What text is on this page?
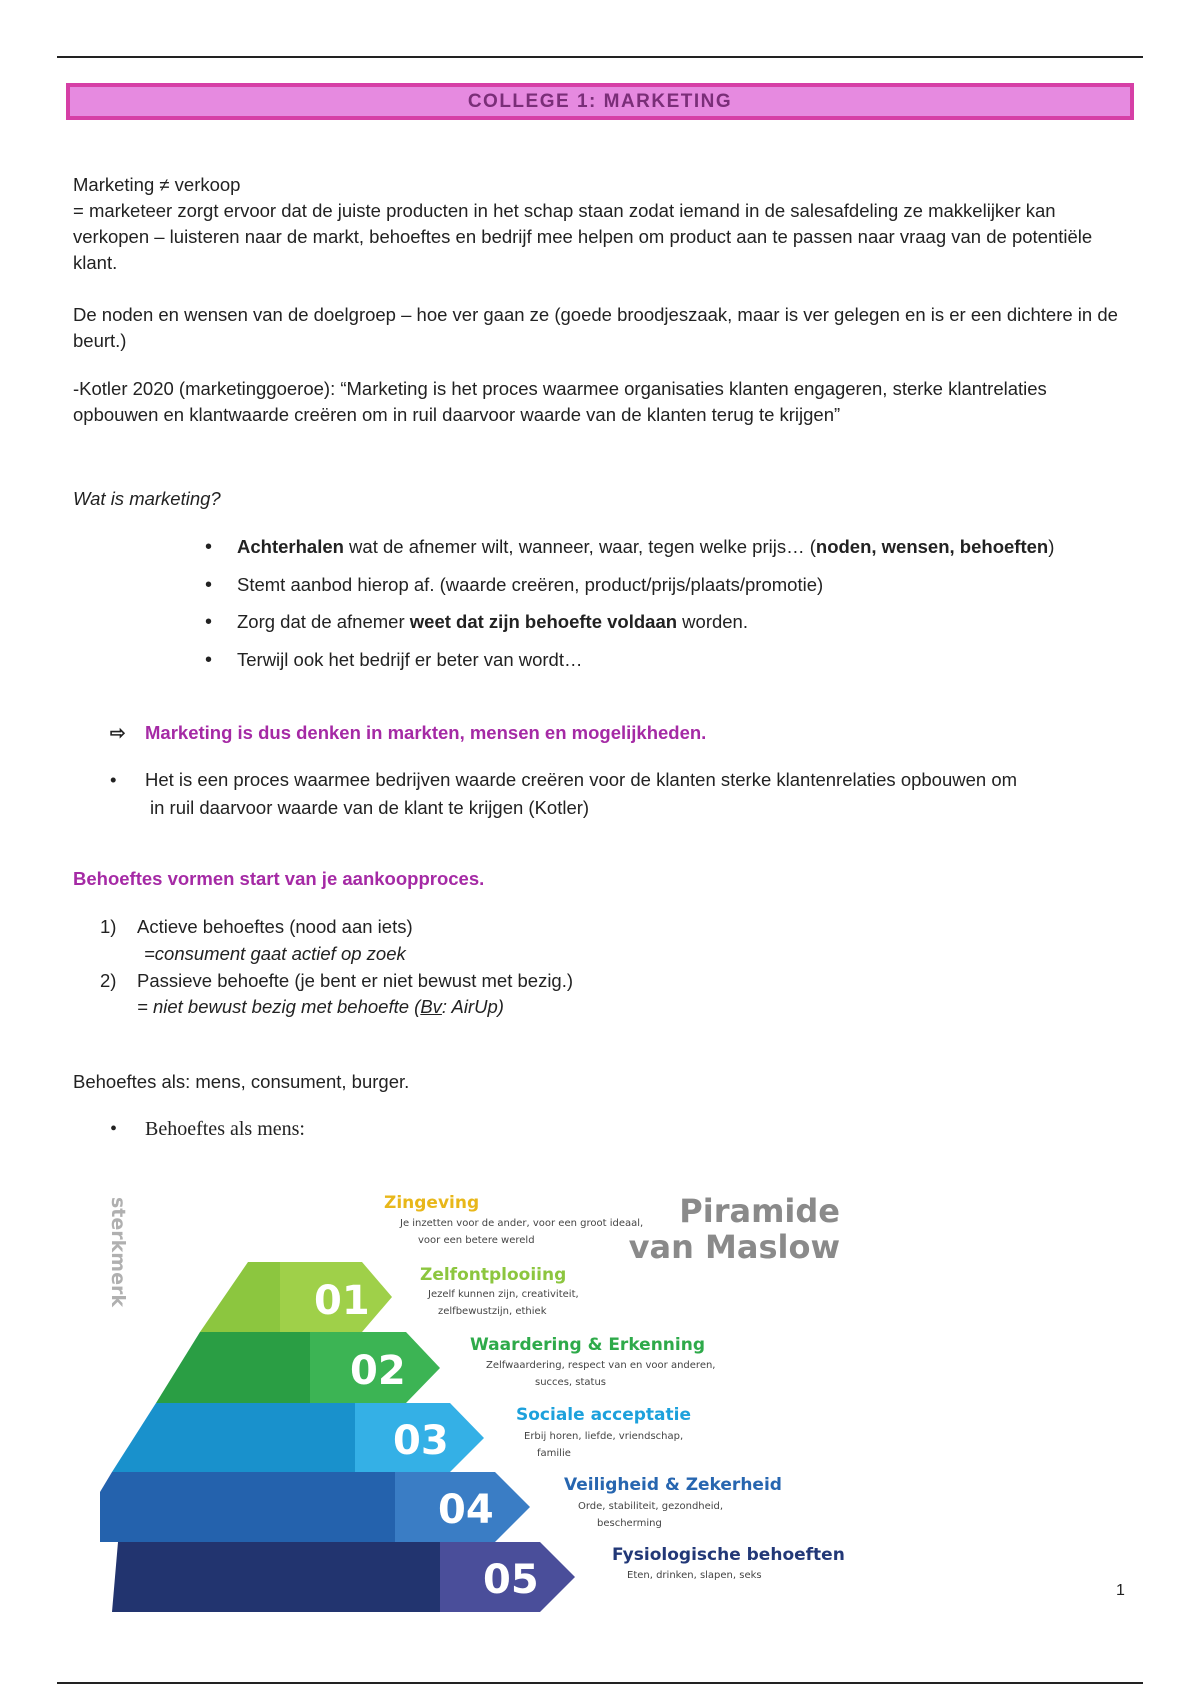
COLLEGE 1: MARKETING

Marketing ≠ verkoop

= marketeer zorgt ervoor dat de juiste producten in het schap staan zodat iemand in de salesafdeling ze makkelijker kan verkopen – luisteren naar de markt, behoeftes en bedrijf mee helpen om product aan te passen naar vraag van de potentiële klant.

De noden en wensen van de doelgroep – hoe ver gaan ze (goede broodjeszaak, maar is ver gelegen en is er een dichtere in de beurt.)

-Kotler 2020 (marketinggoeroe): “Marketing is het proces waarmee organisaties klanten engageren, sterke klantrelaties opbouwen en klantwaarde creëren om in ruil daarvoor waarde van de klanten terug te krijgen”

Wat is marketing?

• Achterhalen wat de afnemer wilt, wanneer, waar, tegen welke prijs… (noden, wensen, behoeften)
• Stemt aanbod hierop af. (waarde creëren, product/prijs/plaats/promotie)
• Zorg dat de afnemer weet dat zijn behoefte voldaan worden.
• Terwijl ook het bedrijf er beter van wordt…
⇨ Marketing is dus denken in markten, mensen en mogelijkheden.
• Het is een proces waarmee bedrijven waarde creëren voor de klanten sterke klantenrelaties opbouwen om
in ruil daarvoor waarde van de klant te krijgen (Kotler)

Behoeftes vormen start van je aankoopproces.

1) Actieve behoeftes (nood aan iets)
=consument gaat actief op zoek
2) Passieve behoefte (je bent er niet bewust met bezig.)
= niet bewust bezig met behoefte (Bv: AirUp)

Behoeftes als: mens, consument, burger.

• Behoeftes als mens:
01
02
03
04
05
sterkmerk	Piramide
van Maslow
Zingeving
Je inzetten voor de ander, voor een groot ideaal,
voor een betere wereld
Zelfontplooiing
Jezelf kunnen zijn, creativiteit,
zelfbewustzijn, ethiek
Waardering & Erkenning
Zelfwaardering, respect van en voor anderen,
succes, status
Sociale acceptatie
Erbij horen, liefde, vriendschap,
familie
Veiligheid & Zekerheid
Orde, stabiliteit, gezondheid,
bescherming
Fysiologische behoeften
Eten, drinken, slapen, seks
1
